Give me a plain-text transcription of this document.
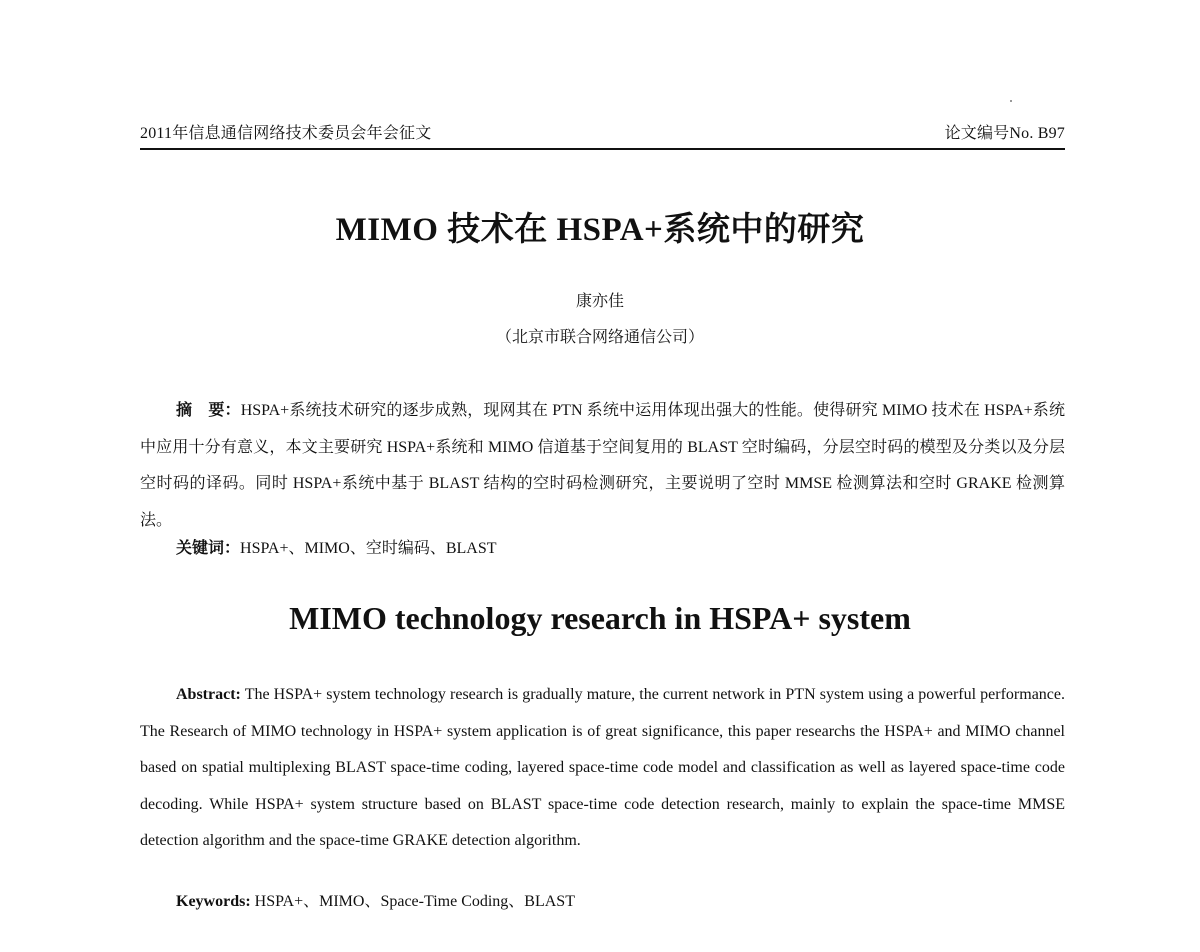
2011年信息通信网络技术委员会年会征文	论文编号No. B97
MIMO 技术在 HSPA+系统中的研究
康亦佳
（北京市联合网络通信公司）

摘　要：HSPA+系统技术研究的逐步成熟，现网其在 PTN 系统中运用体现出强大的性能。使得研究 MIMO 技术在 HSPA+系统中应用十分有意义，本文主要研究 HSPA+系统和 MIMO 信道基于空间复用的 BLAST 空时编码，分层空时码的模型及分类以及分层空时码的译码。同时 HSPA+系统中基于 BLAST 结构的空时码检测研究，主要说明了空时 MMSE 检测算法和空时 GRAKE 检测算法。

关键词：HSPA+、MIMO、空时编码、BLAST
MIMO technology research in HSPA+ system

Abstract: The HSPA+ system technology research is gradually mature, the current network in PTN system using a powerful performance. The Research of MIMO technology in HSPA+ system application is of great significance, this paper researchs the HSPA+ and MIMO channel based on spatial multiplexing BLAST space-time coding, layered space-time code model and classification as well as layered space-time code decoding. While HSPA+ system structure based on BLAST space-time code detection research, mainly to explain the space-time MMSE detection algorithm and the space-time GRAKE detection algorithm.

Keywords: HSPA+、MIMO、Space-Time Coding、BLAST
